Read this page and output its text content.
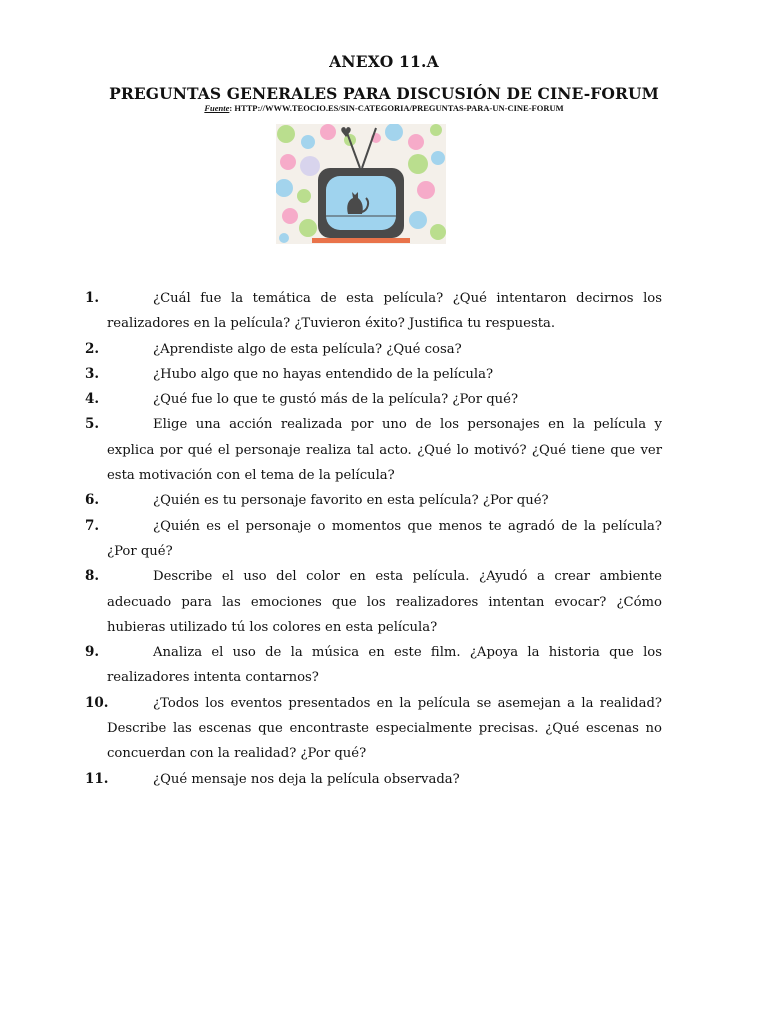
ANEXO 11.A
PREGUNTAS GENERALES PARA DISCUSIÓN DE CINE-FORUM
Fuente: HTTP://WWW.TEOCIO.ES/SIN-CATEGORIA/PREGUNTAS-PARA-UN-CINE-FORUM
1.	¿Cuál fue la temática de esta película? ¿Qué intentaron decirnos los realizadores en la película? ¿Tuvieron éxito? Justifica tu respuesta.
2.	¿Aprendiste algo de esta película? ¿Qué cosa?
3.	¿Hubo algo que no hayas entendido de la película?
4.	¿Qué fue lo que te gustó más de la película? ¿Por qué?
5.	Elige una acción realizada por uno de los personajes en la película y explica por qué el personaje realiza tal acto. ¿Qué lo motivó? ¿Qué tiene que ver esta motivación con el tema de la película?
6.	¿Quién es tu personaje favorito en esta película? ¿Por qué?
7.	¿Quién es el personaje o momentos que menos te agradó de la película? ¿Por qué?
8.	Describe el uso del color en esta película. ¿Ayudó a crear ambiente adecuado para las emociones que los realizadores intentan evocar? ¿Cómo hubieras utilizado tú los colores en esta película?
9.	Analiza el uso de la música en este film. ¿Apoya la historia que los realizadores intenta contarnos?
10.	¿Todos los eventos presentados en la película se asemejan a la realidad? Describe las escenas que encontraste especialmente precisas. ¿Qué escenas no concuerdan con la realidad? ¿Por qué?
11.	¿Qué mensaje nos deja la película observada?
